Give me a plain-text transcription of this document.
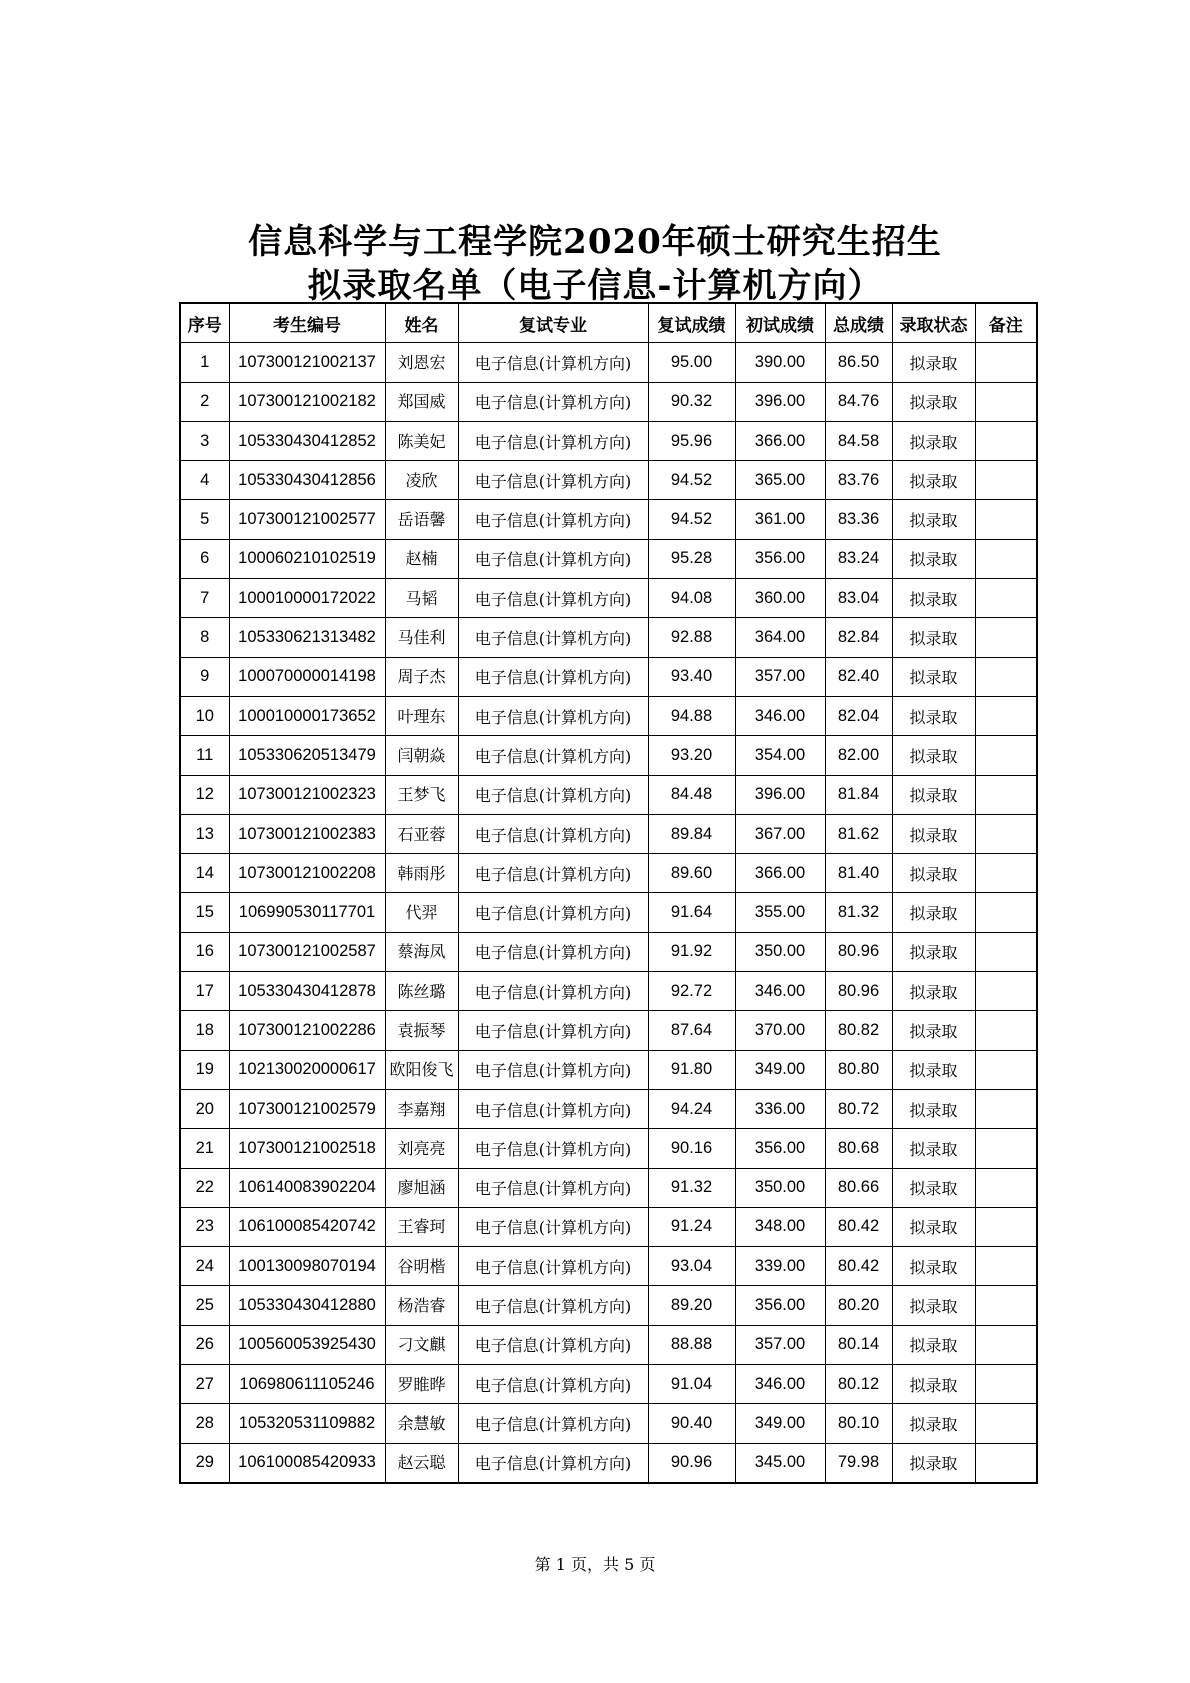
信息科学与工程学院2020年硕士研究生招生
拟录取名单（电子信息-计算机方向）
序号	考生编号	姓名	复试专业	复试成绩	初试成绩	总成绩	录取状态	备注
1	107300121002137	刘恩宏	电子信息(计算机方向)	95.00	390.00	86.50	拟录取	
2	107300121002182	郑国威	电子信息(计算机方向)	90.32	396.00	84.76	拟录取	
3	105330430412852	陈美妃	电子信息(计算机方向)	95.96	366.00	84.58	拟录取	
4	105330430412856	凌欣	电子信息(计算机方向)	94.52	365.00	83.76	拟录取	
5	107300121002577	岳语馨	电子信息(计算机方向)	94.52	361.00	83.36	拟录取	
6	100060210102519	赵楠	电子信息(计算机方向)	95.28	356.00	83.24	拟录取	
7	100010000172022	马韬	电子信息(计算机方向)	94.08	360.00	83.04	拟录取	
8	105330621313482	马佳利	电子信息(计算机方向)	92.88	364.00	82.84	拟录取	
9	100070000014198	周子杰	电子信息(计算机方向)	93.40	357.00	82.40	拟录取	
10	100010000173652	叶理东	电子信息(计算机方向)	94.88	346.00	82.04	拟录取	
11	105330620513479	闫朝焱	电子信息(计算机方向)	93.20	354.00	82.00	拟录取	
12	107300121002323	王梦飞	电子信息(计算机方向)	84.48	396.00	81.84	拟录取	
13	107300121002383	石亚蓉	电子信息(计算机方向)	89.84	367.00	81.62	拟录取	
14	107300121002208	韩雨彤	电子信息(计算机方向)	89.60	366.00	81.40	拟录取	
15	106990530117701	代羿	电子信息(计算机方向)	91.64	355.00	81.32	拟录取	
16	107300121002587	蔡海凤	电子信息(计算机方向)	91.92	350.00	80.96	拟录取	
17	105330430412878	陈丝璐	电子信息(计算机方向)	92.72	346.00	80.96	拟录取	
18	107300121002286	袁振琴	电子信息(计算机方向)	87.64	370.00	80.82	拟录取	
19	102130020000617	欧阳俊飞	电子信息(计算机方向)	91.80	349.00	80.80	拟录取	
20	107300121002579	李嘉翔	电子信息(计算机方向)	94.24	336.00	80.72	拟录取	
21	107300121002518	刘亮亮	电子信息(计算机方向)	90.16	356.00	80.68	拟录取	
22	106140083902204	廖旭涵	电子信息(计算机方向)	91.32	350.00	80.66	拟录取	
23	106100085420742	王睿珂	电子信息(计算机方向)	91.24	348.00	80.42	拟录取	
24	100130098070194	谷明楷	电子信息(计算机方向)	93.04	339.00	80.42	拟录取	
25	105330430412880	杨浩睿	电子信息(计算机方向)	89.20	356.00	80.20	拟录取	
26	100560053925430	刁文麒	电子信息(计算机方向)	88.88	357.00	80.14	拟录取	
27	106980611105246	罗睢晔	电子信息(计算机方向)	91.04	346.00	80.12	拟录取	
28	105320531109882	余慧敏	电子信息(计算机方向)	90.40	349.00	80.10	拟录取	
29	106100085420933	赵云聪	电子信息(计算机方向)	90.96	345.00	79.98	拟录取	
第 1 页，共 5 页
